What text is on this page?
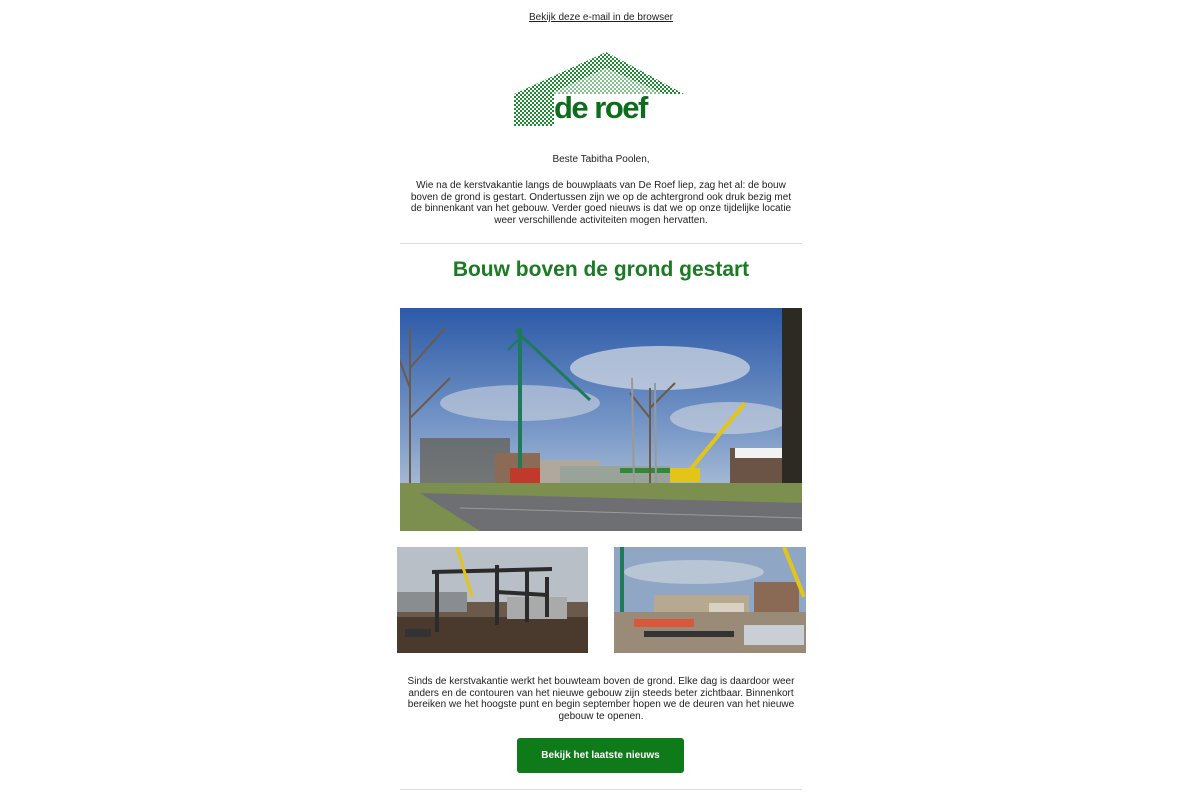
Bekijk deze e-mail in de browser
de roef
Beste Tabitha Poolen,
Wie na de kerstvakantie langs de bouwplaats van De Roef liep, zag het al: de bouw boven de grond is gestart. Ondertussen zijn we op de achtergrond ook druk bezig met de binnenkant van het gebouw. Verder goed nieuws is dat we op onze tijdelijke locatie weer verschillende activiteiten mogen hervatten.
Bouw boven de grond gestart
Sinds de kerstvakantie werkt het bouwteam boven de grond. Elke dag is daardoor weer anders en de contouren van het nieuwe gebouw zijn steeds beter zichtbaar. Binnenkort bereiken we het hoogste punt en begin september hopen we de deuren van het nieuwe gebouw te openen.
Bekijk het laatste nieuws
